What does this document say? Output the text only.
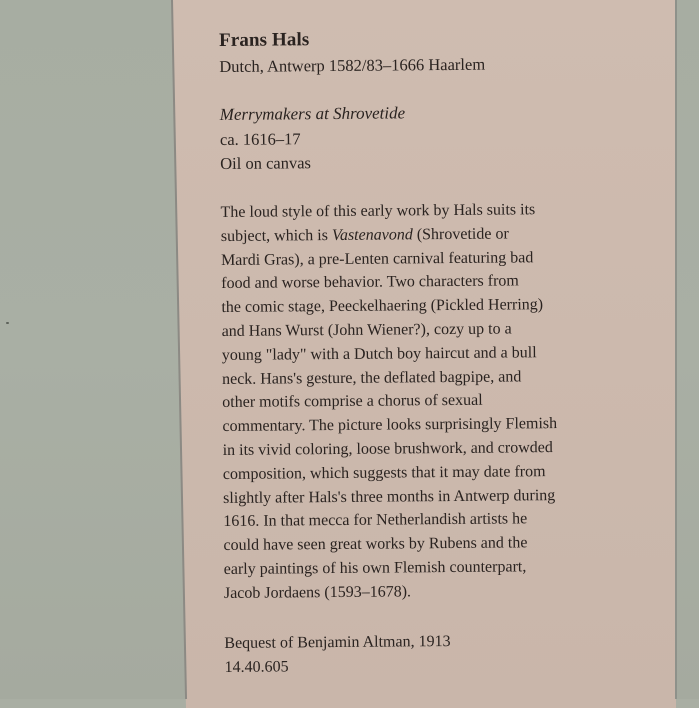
Frans Hals

Dutch, Antwerp 1582/83–1666 Haarlem

Merrymakers at Shrovetide

ca. 1616–17

Oil on canvas

The loud style of this early work by Hals suits its
subject, which is Vastenavond (Shrovetide or
Mardi Gras), a pre-Lenten carnival featuring bad
food and worse behavior. Two characters from
the comic stage, Peeckelhaering (Pickled Herring)
and Hans Wurst (John Wiener?), cozy up to a
young "lady" with a Dutch boy haircut and a bull
neck. Hans's gesture, the deflated bagpipe, and
other motifs comprise a chorus of sexual
commentary. The picture looks surprisingly Flemish
in its vivid coloring, loose brushwork, and crowded
composition, which suggests that it may date from
slightly after Hals's three months in Antwerp during
1616. In that mecca for Netherlandish artists he
could have seen great works by Rubens and the
early paintings of his own Flemish counterpart,
Jacob Jordaens (1593–1678).

Bequest of Benjamin Altman, 1913

14.40.605
